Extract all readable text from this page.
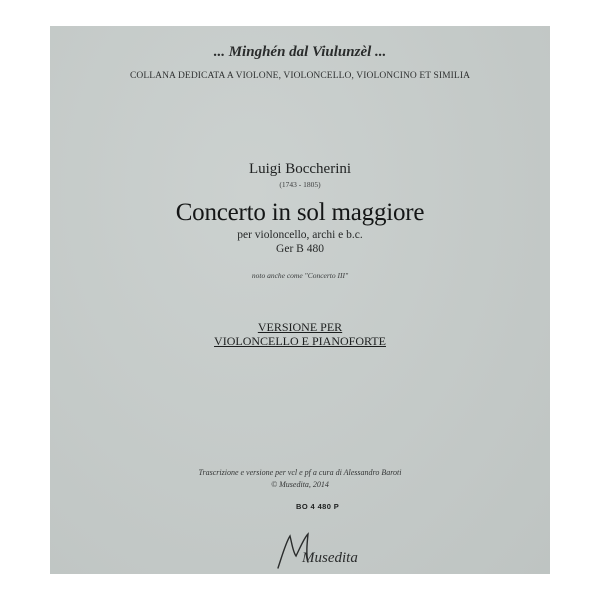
... Minghén dal Viulunzèl ...
COLLANA DEDICATA A VIOLONE, VIOLONCELLO, VIOLONCINO ET SIMILIA
Luigi Boccherini
(1743 - 1805)
Concerto in sol maggiore
per violoncello, archi e b.c.
Ger B 480
noto anche come "Concerto III"
VERSIONE PER
VIOLONCELLO E PIANOFORTE
Trascrizione e versione per vcl e pf a cura di Alessandro Baroti
© Musedita, 2014
BO 4 480 P
Musedita
